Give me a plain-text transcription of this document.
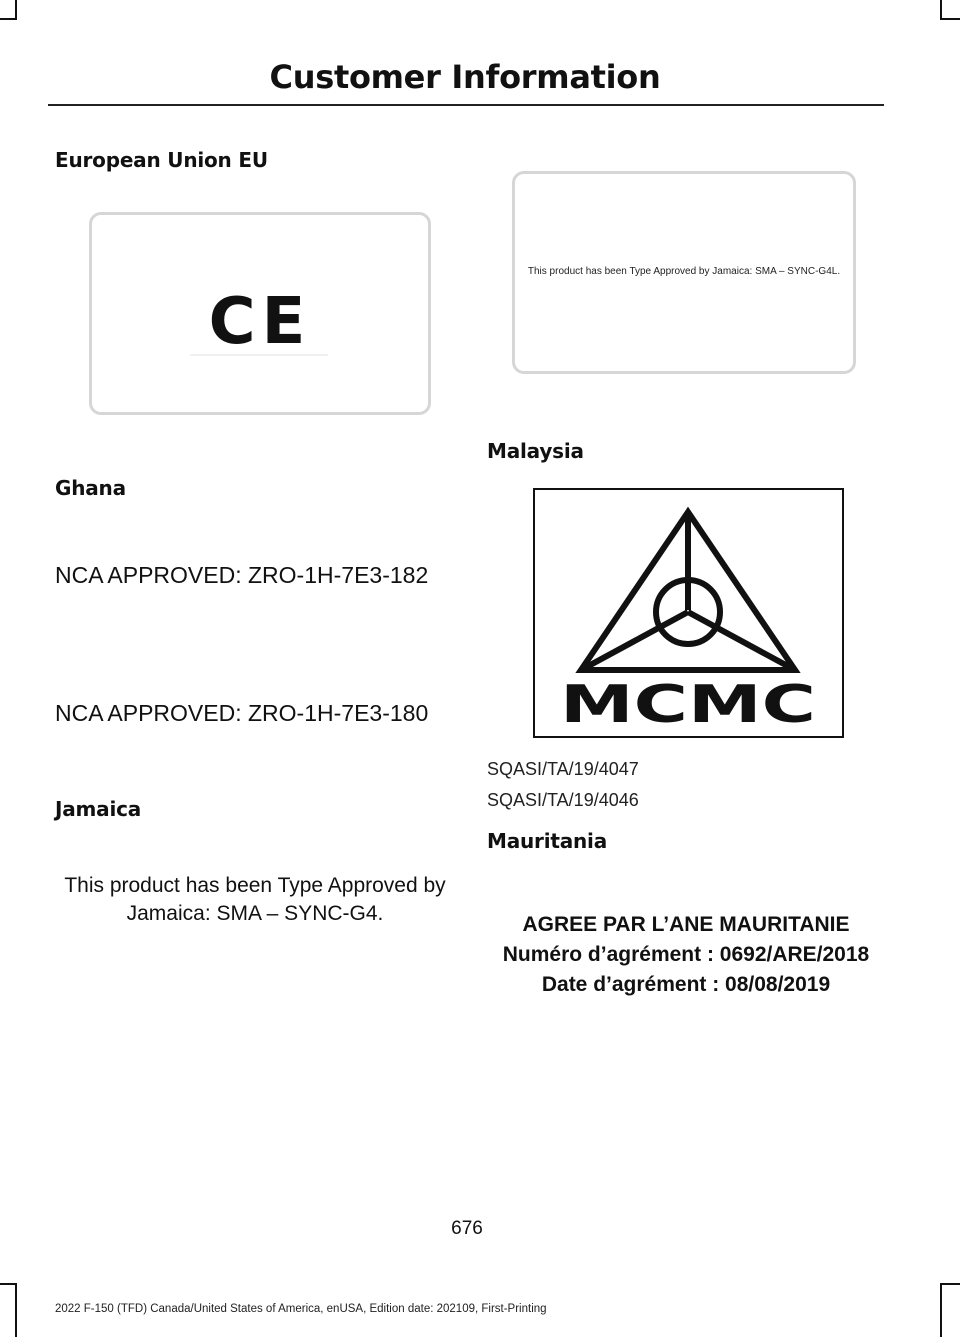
Customer Information
European Union EU
CE
Ghana
NCA APPROVED: ZRO-1H-7E3-182
NCA APPROVED: ZRO-1H-7E3-180
Jamaica
This product has been Type Approved by
Jamaica: SMA – SYNC-G4.
This product has been Type Approved by Jamaica: SMA – SYNC-G4L.
Malaysia
MCMC
SQASI/TA/19/4047
SQASI/TA/19/4046
Mauritania
AGREE PAR L’ANE MAURITANIE
Numéro d’agrément : 0692/ARE/2018
Date d’agrément : 08/08/2019
676
2022 F-150 (TFD) Canada/United States of America, enUSA, Edition date: 202109, First-Printing
